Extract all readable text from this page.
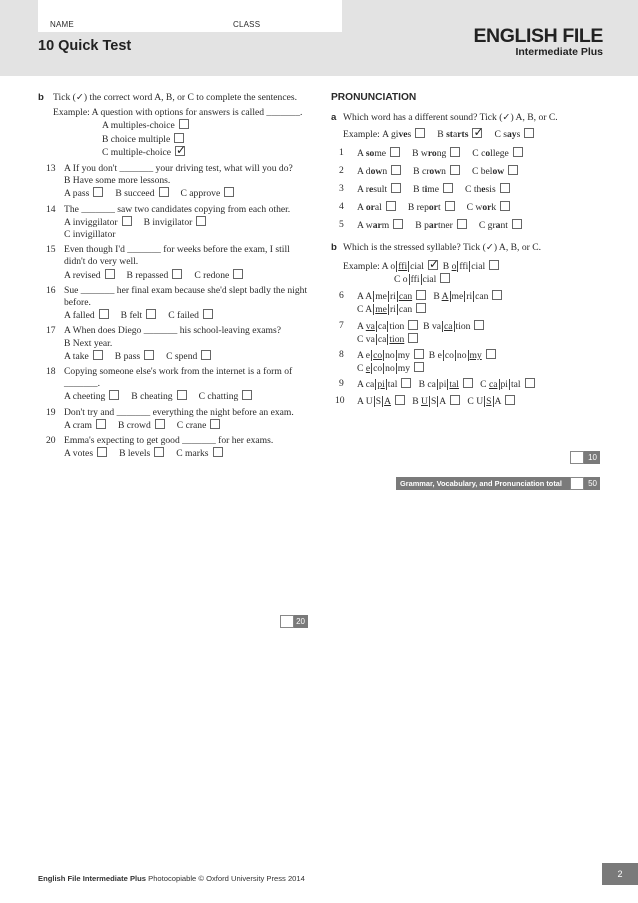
NAME	CLASS
10 Quick Test	ENGLISH FILE
Intermediate Plus
b Tick (✓) the correct word A, B, or C to complete the sentences.
Example: A question with options for answers is called _______.
A multiples-choice
B choice multiple
C multiple-choice ✓
13 A If you don't _______ your driving test, what will you do?
B Have some more lessons.
A pass	B succeed	C approve
14 The _______ saw two candidates copying from each other.
A inviggilator	B invigilator
C invigillator
15 Even though I'd _______ for weeks before the exam, I still didn't do very well.
A revised	B repassed	C redone
16 Sue _______ her final exam because she'd slept badly the night before.
A falled	B felt	C failed
17 A When does Diego _______ his school-leaving exams?
B Next year.
A take	B pass	C spend
18 Copying someone else's work from the internet is a form of _______.
A cheeting	B cheating	C chatting
19 Don't try and _______ everything the night before an exam.
A cram	B crowd	C crane
20 Emma's expecting to get good _______ for her exams.
A votes	B levels	C marks
20
PRONUNCIATION
a Which word has a different sound? Tick (✓) A, B, or C.
Example: A gives	B starts ✓ C says
1 A some	B wrong	C college
2 A down	B crown	C below
3 A result	B time	C thesis
4 A oral	B report	C work
5 A warm	B partner	C grant
b Which is the stressed syllable? Tick (✓) A, B, or C.
Example: A o ffi cial ✓
B o ffi cial
C o ffi cial
6 A A me ri can   B A me ri can
C A me ri can
7 A va ca tion  B va ca tion
C va ca tion
8 A e co no my  B e co no my
C e co no my
9 A ca pi tal   B ca pi tal   C ca pi tal
10 A U S A   B U S A   C U S A
10
Grammar, Vocabulary, and Pronunciation total	50
English File Intermediate Plus Photocopiable © Oxford University Press 2014	2
